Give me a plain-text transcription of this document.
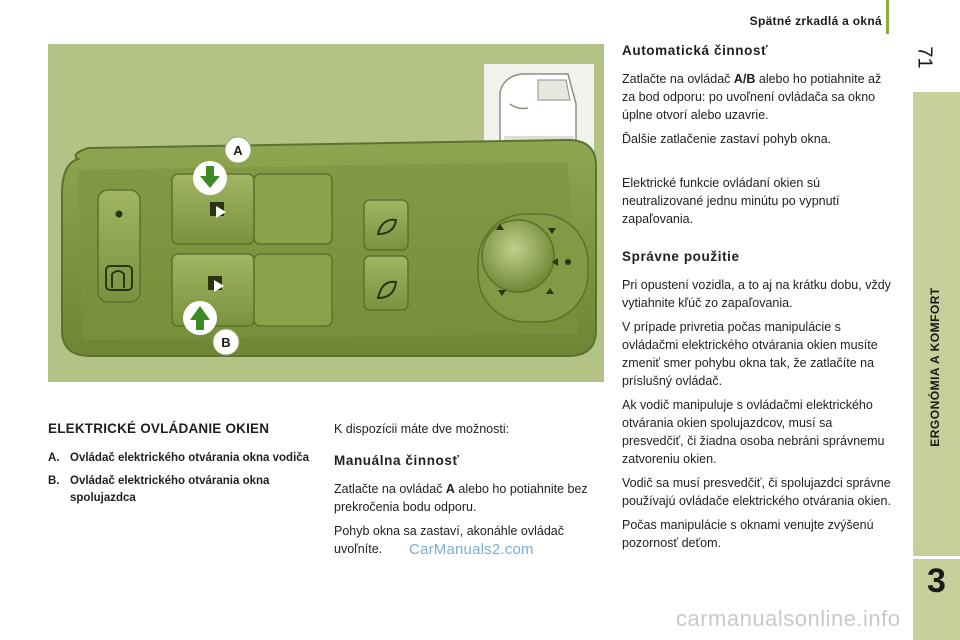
Spätné zrkadlá a okná
71
ERGONÓMIA A KOMFORT
3
A
B
ELEKTRICKÉ OVLÁDANIE OKIEN
A. Ovládač elektrického otvárania okna vodiča
B. Ovládač elektrického otvárania okna spolujazdca

K dispozícii máte dve možnosti:

Manuálna činnosť

Zatlačte na ovládač A alebo ho potiahnite bez prekročenia bodu odporu.

Pohyb okna sa zastaví, akonáhle ovládač uvoľníte.

Automatická činnosť

Zatlačte na ovládač A/B alebo ho potiahnite až za bod odporu: po uvoľnení ovládača sa okno úplne otvorí alebo uzavrie.

Ďalšie zatlačenie zastaví pohyb okna.

Elektrické funkcie ovládaní okien sú neutralizované jednu minútu po vypnutí zapaľovania.

Správne použitie

Pri opustení vozidla, a to aj na krátku dobu, vždy vytiahnite kľúč zo zapaľovania.

V prípade privretia počas manipulácie s ovládačmi elektrického otvárania okien musíte zmeniť smer pohybu okna tak, že zatlačíte na príslušný ovládač.

Ak vodič manipuluje s ovládačmi elektrického otvárania okien spolujazdcov, musí sa presvedčiť, či žiadna osoba nebráni správnemu zatvoreniu okien.

Vodič sa musí presvedčiť, či spolujazdci správne používajú ovládače elektrického otvárania okien.

Počas manipulácie s oknami venujte zvýšenú pozornosť deťom.

CarManuals2.com
carmanualsonline.info
